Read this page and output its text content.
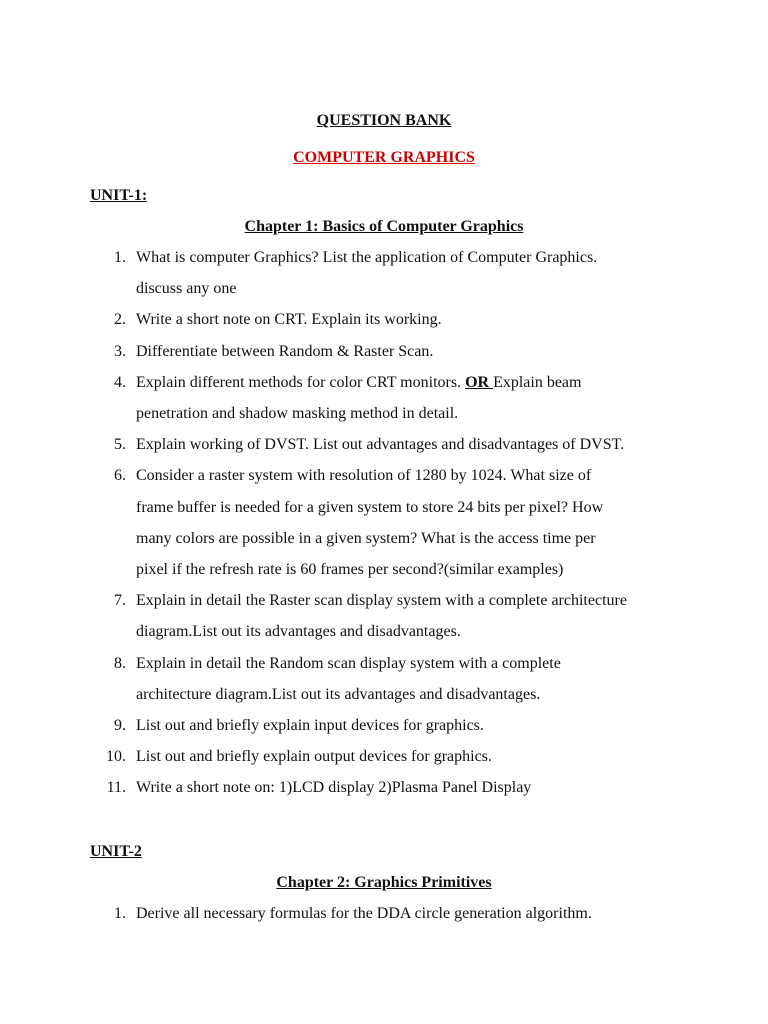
QUESTION BANK
COMPUTER GRAPHICS
UNIT-1:
Chapter 1: Basics of Computer Graphics
1. What is computer Graphics? List the application of Computer Graphics.
discuss any one
2. Write a short note on CRT. Explain its working.
3. Differentiate between Random & Raster Scan.
4. Explain different methods for color CRT monitors. OR Explain beam
penetration and shadow masking method in detail.
5. Explain working of DVST. List out advantages and disadvantages of DVST.
6. Consider a raster system with resolution of 1280 by 1024. What size of
frame buffer is needed for a given system to store 24 bits per pixel? How
many colors are possible in a given system? What is the access time per
pixel if the refresh rate is 60 frames per second?(similar examples)
7. Explain in detail the Raster scan display system with a complete architecture
diagram.List out its advantages and disadvantages.
8. Explain in detail the Random scan display system with a complete
architecture diagram.List out its advantages and disadvantages.
9. List out and briefly explain input devices for graphics.
10. List out and briefly explain output devices for graphics.
11. Write a short note on: 1)LCD display 2)Plasma Panel Display
UNIT-2
Chapter 2: Graphics Primitives
1. Derive all necessary formulas for the DDA circle generation algorithm.
